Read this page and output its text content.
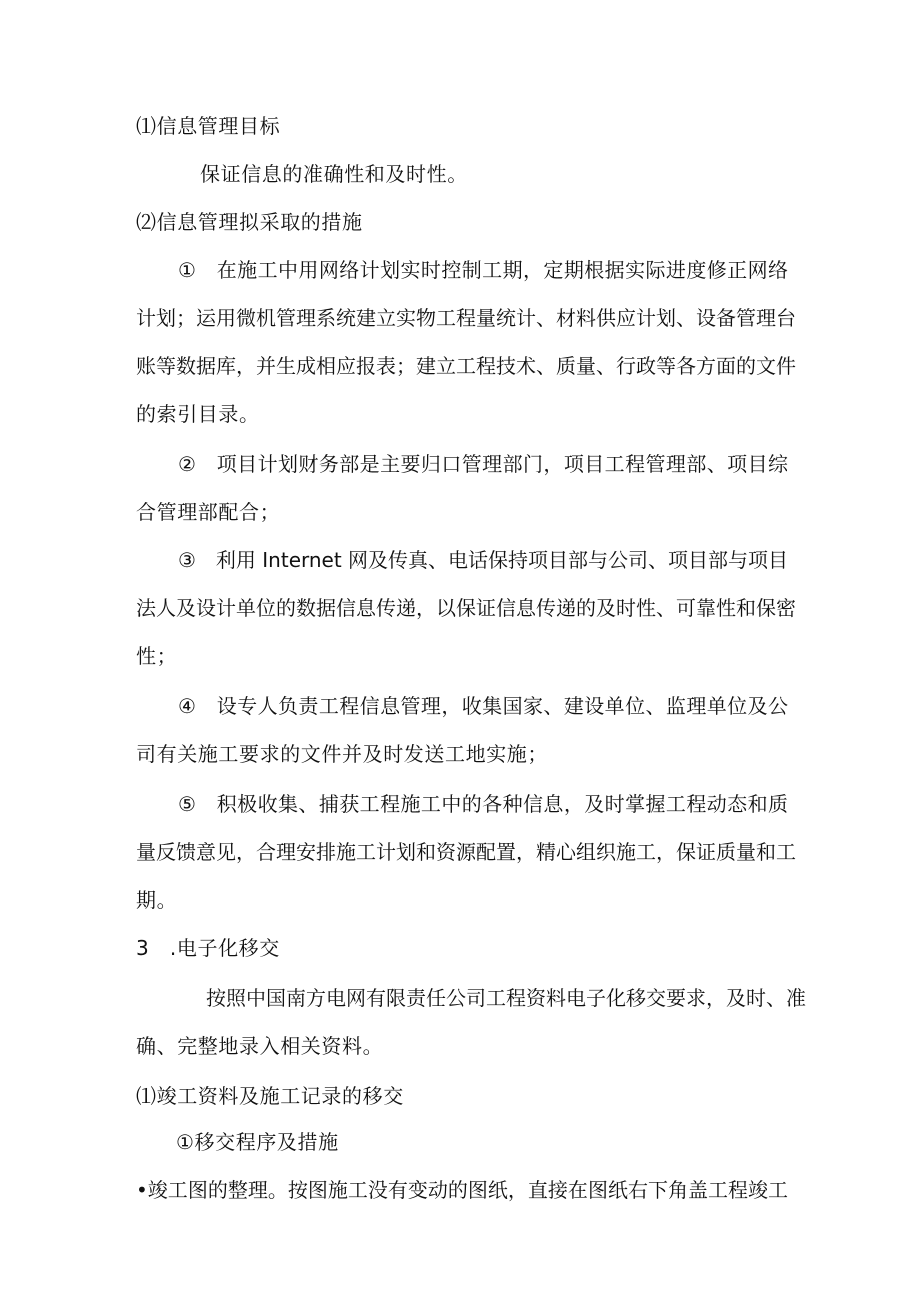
⑴信息管理目标
保证信息的准确性和及时性。
⑵信息管理拟采取的措施
①　在施工中用网络计划实时控制工期，定期根据实际进度修正网络
计划；运用微机管理系统建立实物工程量统计、材料供应计划、设备管理台
账等数据库，并生成相应报表；建立工程技术、质量、行政等各方面的文件
的索引目录。
②　项目计划财务部是主要归口管理部门，项目工程管理部、项目综
合管理部配合；
③　利用 Internet 网及传真、电话保持项目部与公司、项目部与项目
法人及设计单位的数据信息传递，以保证信息传递的及时性、可靠性和保密
性；
④　设专人负责工程信息管理，收集国家、建设单位、监理单位及公
司有关施工要求的文件并及时发送工地实施；
⑤　积极收集、捕获工程施工中的各种信息，及时掌握工程动态和质
量反馈意见，合理安排施工计划和资源配置，精心组织施工，保证质量和工
期。
3　.电子化移交
按照中国南方电网有限责任公司工程资料电子化移交要求，及时、准
确、完整地录入相关资料。
⑴竣工资料及施工记录的移交
①移交程序及措施
•竣工图的整理。按图施工没有变动的图纸，直接在图纸右下角盖工程竣工
